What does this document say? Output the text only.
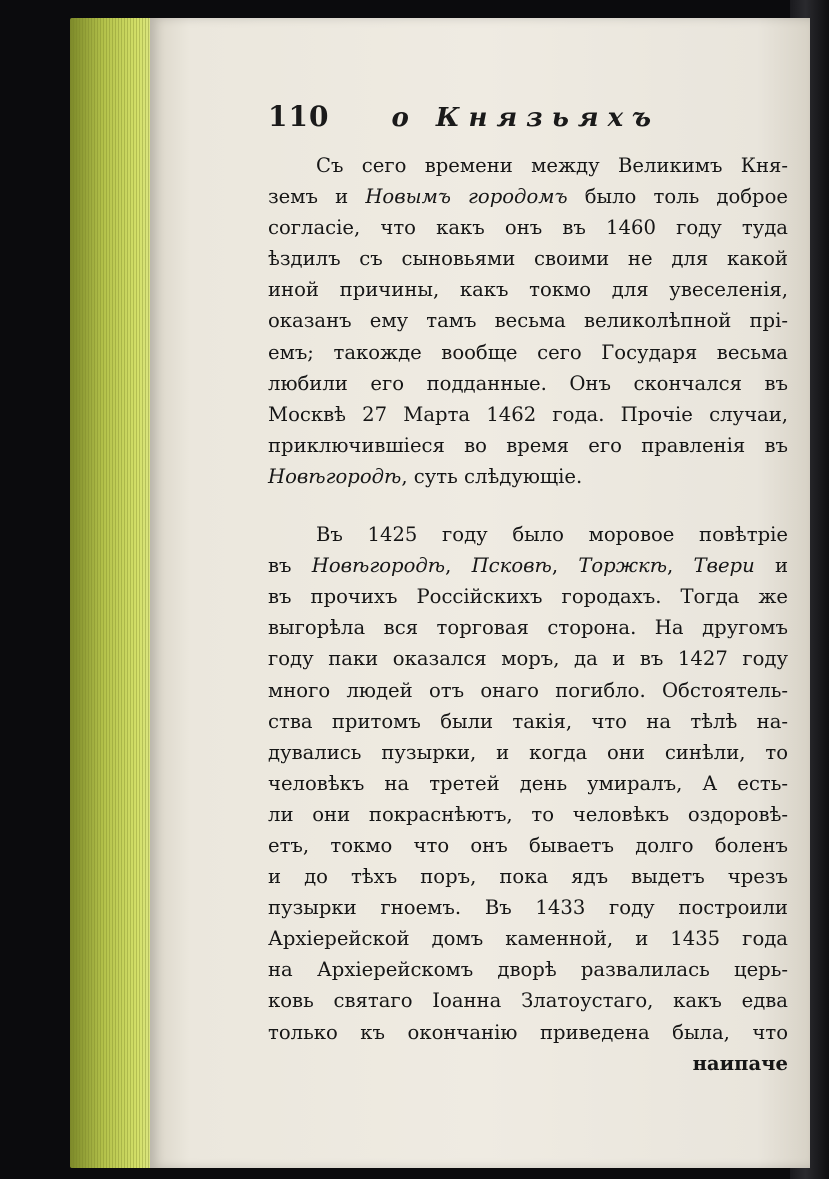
110 о Князьяхъ
Съ сего времени между Великимъ Кня-
земъ и Новымъ городомъ было толь доброе
согласіе, что какъ онъ въ 1460 году туда
ѣздилъ съ сыновьями своими не для какой
иной причины, какъ токмо для увеселенія,
оказанъ ему тамъ весьма великолѣпной прі-
емъ; такожде вообще сего Государя весьма
любили его подданные. Онъ скончался въ
Москвѣ 27 Марта 1462 года. Прочіе случаи,
приключившіеся во время его правленія въ
Новѣгородѣ, суть слѣдующіе.
Въ 1425 году было моровое повѣтріе
въ Новѣгородѣ, Псковѣ, Торжкѣ, Твери и
въ прочихъ Россійскихъ городахъ. Тогда же
выгорѣла вся торговая сторона. На другомъ
году паки оказался моръ, да и въ 1427 году
много людей отъ онаго погибло. Обстоятель-
ства притомъ были такія, что на тѣлѣ на-
дувались пузырки, и когда они синѣли, то
человѣкъ на третей день умиралъ, А есть-
ли они покраснѣютъ, то человѣкъ оздоровѣ-
етъ, токмо что онъ бываетъ долго боленъ
и до тѣхъ поръ, пока ядъ выдетъ чрезъ
пузырки гноемъ. Въ 1433 году построили
Архіерейской домъ каменной, и 1435 года
на Архіерейскомъ дворѣ развалилась церь-
ковь святаго Іоанна Златоустаго, какъ едва
только къ окончанію приведена была, что
наипаче
